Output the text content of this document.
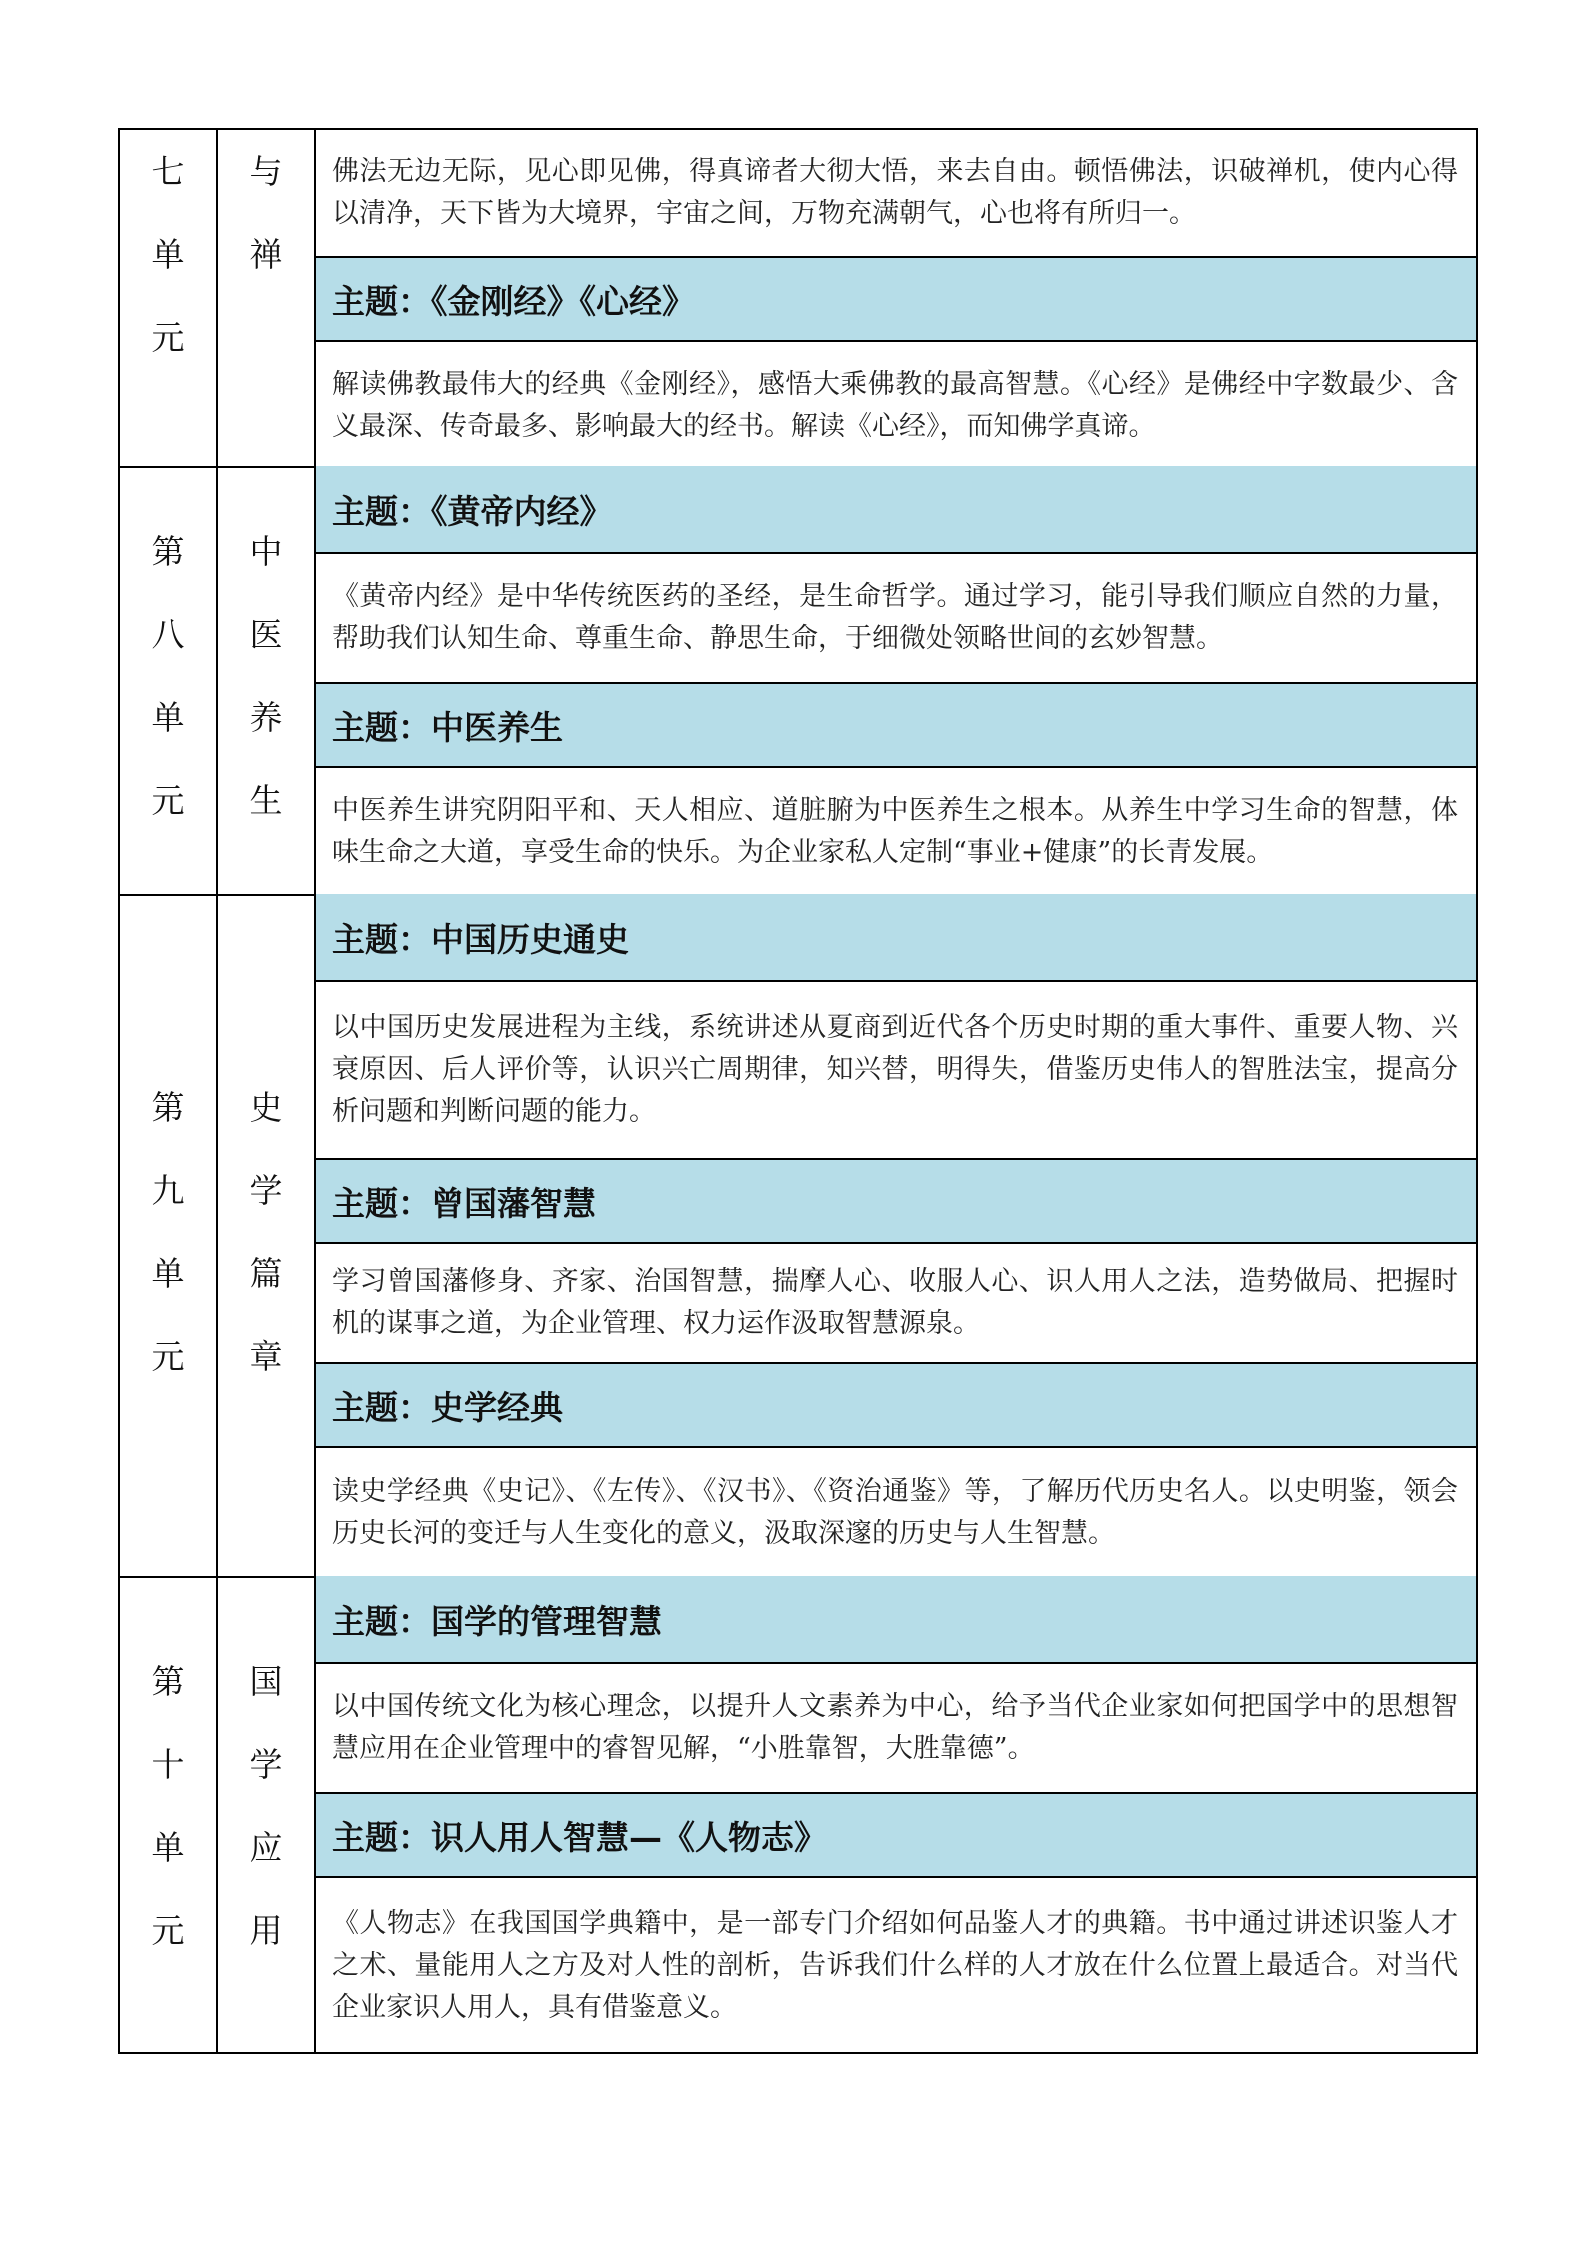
七
单
元
与
禅
佛法无边无际，见心即见佛，得真谛者大彻大悟，来去自由。顿悟佛法，识破禅机，使内心得以清净，天下皆为大境界，宇宙之间，万物充满朝气，心也将有所归一。
主题：《金刚经》《心经》
解读佛教最伟大的经典《金刚经》，感悟大乘佛教的最高智慧。《心经》是佛经中字数最少、含义最深、传奇最多、影响最大的经书。解读《心经》，而知佛学真谛。
第
八
单
元
中
医
养
生
主题：《黄帝内经》
《黄帝内经》是中华传统医药的圣经，是生命哲学。通过学习，能引导我们顺应自然的力量，帮助我们认知生命、尊重生命、静思生命，于细微处领略世间的玄妙智慧。
主题：中医养生
中医养生讲究阴阳平和、天人相应、道脏腑为中医养生之根本。从养生中学习生命的智慧，体味生命之大道，享受生命的快乐。为企业家私人定制“事业+健康”的长青发展。
第
九
单
元
史
学
篇
章
主题：中国历史通史
以中国历史发展进程为主线，系统讲述从夏商到近代各个历史时期的重大事件、重要人物、兴衰原因、后人评价等，认识兴亡周期律，知兴替，明得失，借鉴历史伟人的智胜法宝，提高分析问题和判断问题的能力。
主题：曾国藩智慧
学习曾国藩修身、齐家、治国智慧，揣摩人心、收服人心、识人用人之法，造势做局、把握时机的谋事之道，为企业管理、权力运作汲取智慧源泉。
主题：史学经典
读史学经典《史记》、《左传》、《汉书》、《资治通鉴》等，了解历代历史名人。以史明鉴，领会历史长河的变迁与人生变化的意义，汲取深邃的历史与人生智慧。
第
十
单
元
国
学
应
用
主题：国学的管理智慧
以中国传统文化为核心理念，以提升人文素养为中心，给予当代企业家如何把国学中的思想智慧应用在企业管理中的睿智见解，“小胜靠智，大胜靠德”。
主题：识人用人智慧—《人物志》
《人物志》在我国国学典籍中，是一部专门介绍如何品鉴人才的典籍。书中通过讲述识鉴人才之术、量能用人之方及对人性的剖析，告诉我们什么样的人才放在什么位置上最适合。对当代企业家识人用人，具有借鉴意义。
